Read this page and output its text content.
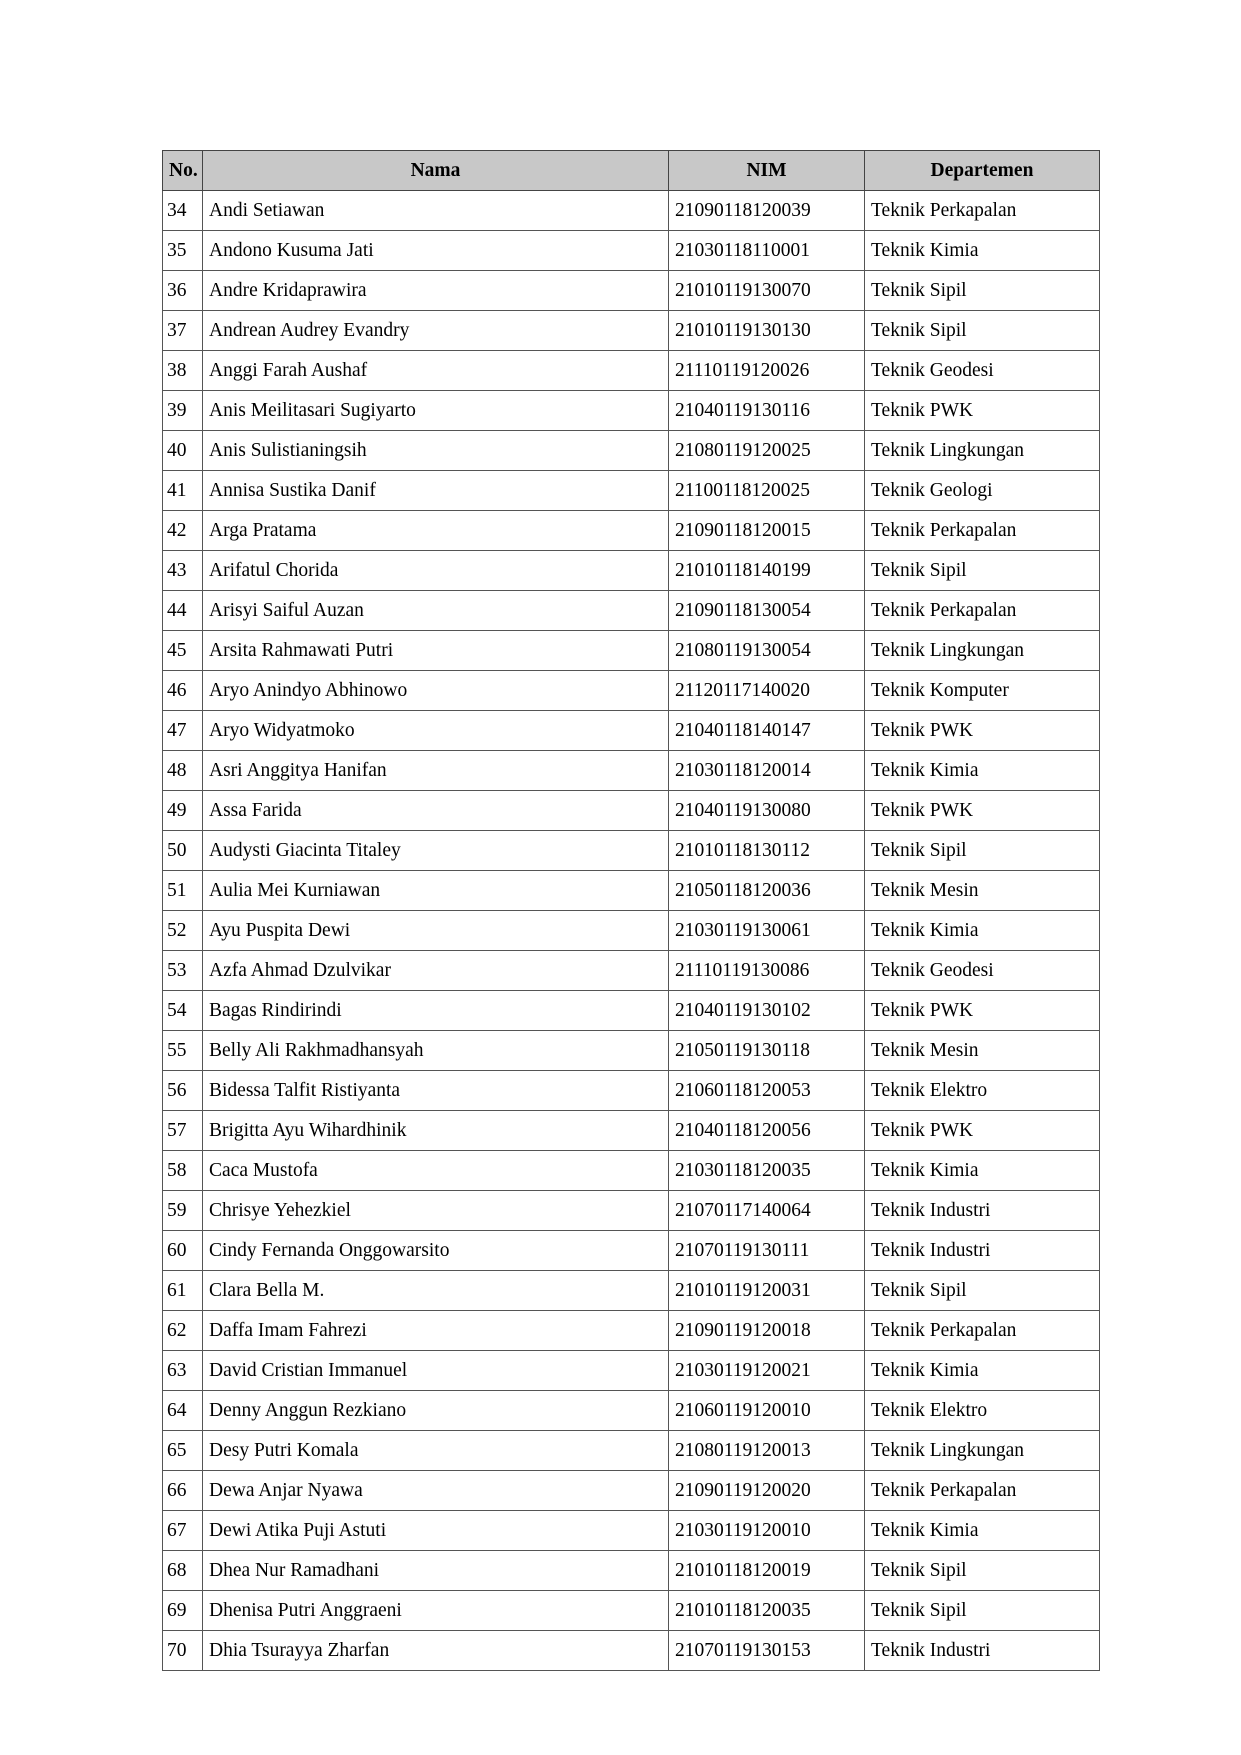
No.	Nama	NIM	Departemen
34	Andi Setiawan	21090118120039	Teknik Perkapalan
35	Andono Kusuma Jati	21030118110001	Teknik Kimia
36	Andre Kridaprawira	21010119130070	Teknik Sipil
37	Andrean Audrey Evandry	21010119130130	Teknik Sipil
38	Anggi Farah Aushaf	21110119120026	Teknik Geodesi
39	Anis Meilitasari Sugiyarto	21040119130116	Teknik PWK
40	Anis Sulistianingsih	21080119120025	Teknik Lingkungan
41	Annisa Sustika Danif	21100118120025	Teknik Geologi
42	Arga Pratama	21090118120015	Teknik Perkapalan
43	Arifatul Chorida	21010118140199	Teknik Sipil
44	Arisyi Saiful Auzan	21090118130054	Teknik Perkapalan
45	Arsita Rahmawati Putri	21080119130054	Teknik Lingkungan
46	Aryo Anindyo Abhinowo	21120117140020	Teknik Komputer
47	Aryo Widyatmoko	21040118140147	Teknik PWK
48	Asri Anggitya Hanifan	21030118120014	Teknik Kimia
49	Assa Farida	21040119130080	Teknik PWK
50	Audysti Giacinta Titaley	21010118130112	Teknik Sipil
51	Aulia Mei Kurniawan	21050118120036	Teknik Mesin
52	Ayu Puspita Dewi	21030119130061	Teknik Kimia
53	Azfa Ahmad Dzulvikar	21110119130086	Teknik Geodesi
54	Bagas Rindirindi	21040119130102	Teknik PWK
55	Belly Ali Rakhmadhansyah	21050119130118	Teknik Mesin
56	Bidessa Talfit Ristiyanta	21060118120053	Teknik Elektro
57	Brigitta Ayu Wihardhinik	21040118120056	Teknik PWK
58	Caca Mustofa	21030118120035	Teknik Kimia
59	Chrisye Yehezkiel	21070117140064	Teknik Industri
60	Cindy Fernanda Onggowarsito	21070119130111	Teknik Industri
61	Clara Bella M.	21010119120031	Teknik Sipil
62	Daffa Imam Fahrezi	21090119120018	Teknik Perkapalan
63	David Cristian Immanuel	21030119120021	Teknik Kimia
64	Denny Anggun Rezkiano	21060119120010	Teknik Elektro
65	Desy Putri Komala	21080119120013	Teknik Lingkungan
66	Dewa Anjar Nyawa	21090119120020	Teknik Perkapalan
67	Dewi Atika Puji Astuti	21030119120010	Teknik Kimia
68	Dhea Nur Ramadhani	21010118120019	Teknik Sipil
69	Dhenisa Putri Anggraeni	21010118120035	Teknik Sipil
70	Dhia Tsurayya Zharfan	21070119130153	Teknik Industri
